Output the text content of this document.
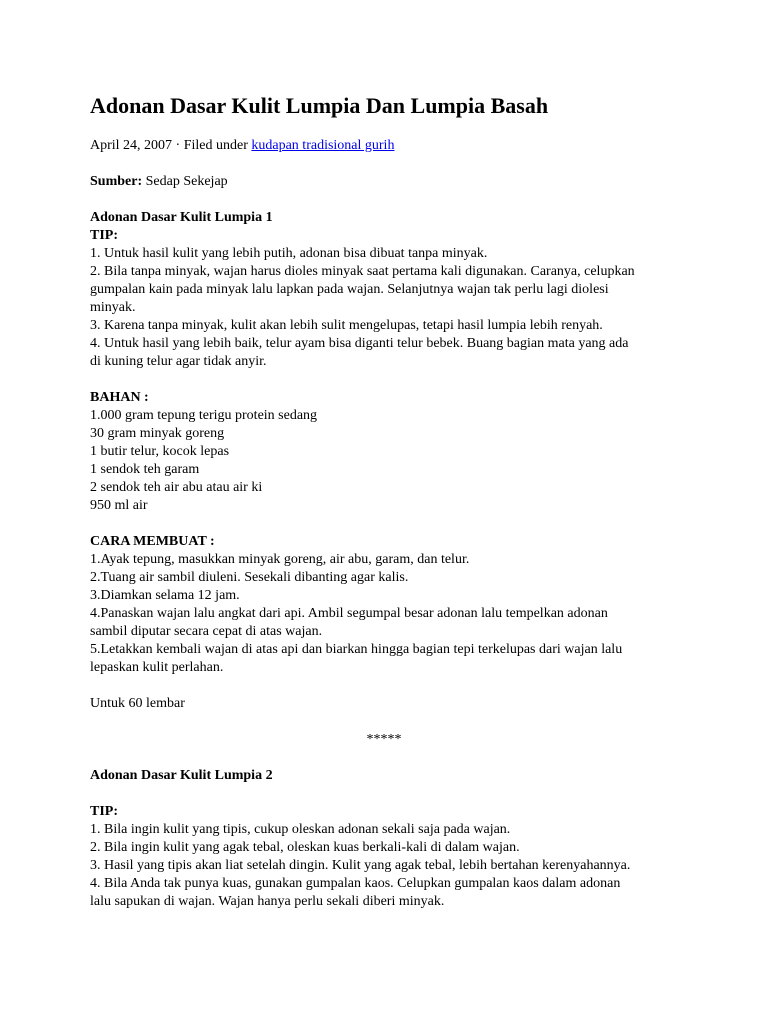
Adonan Dasar Kulit Lumpia Dan Lumpia Basah
April 24, 2007 · Filed under kudapan tradisional gurih
Sumber: Sedap Sekejap
Adonan Dasar Kulit Lumpia 1
TIP:
1. Untuk hasil kulit yang lebih putih, adonan bisa dibuat tanpa minyak.
2. Bila tanpa minyak, wajan harus dioles minyak saat pertama kali digunakan. Caranya, celupkan
gumpalan kain pada minyak lalu lapkan pada wajan. Selanjutnya wajan tak perlu lagi diolesi
minyak.
3. Karena tanpa minyak, kulit akan lebih sulit mengelupas, tetapi hasil lumpia lebih renyah.
4. Untuk hasil yang lebih baik, telur ayam bisa diganti telur bebek. Buang bagian mata yang ada
di kuning telur agar tidak anyir.
BAHAN :
1.000 gram tepung terigu protein sedang
30 gram minyak goreng
1 butir telur, kocok lepas
1 sendok teh garam
2 sendok teh air abu atau air ki
950 ml air
CARA MEMBUAT :
1.Ayak tepung, masukkan minyak goreng, air abu, garam, dan telur.
2.Tuang air sambil diuleni. Sesekali dibanting agar kalis.
3.Diamkan selama 12 jam.
4.Panaskan wajan lalu angkat dari api. Ambil segumpal besar adonan lalu tempelkan adonan
sambil diputar secara cepat di atas wajan.
5.Letakkan kembali wajan di atas api dan biarkan hingga bagian tepi terkelupas dari wajan lalu
lepaskan kulit perlahan.
Untuk 60 lembar
*****
Adonan Dasar Kulit Lumpia 2
TIP:
1. Bila ingin kulit yang tipis, cukup oleskan adonan sekali saja pada wajan.
2. Bila ingin kulit yang agak tebal, oleskan kuas berkali-kali di dalam wajan.
3. Hasil yang tipis akan liat setelah dingin. Kulit yang agak tebal, lebih bertahan kerenyahannya.
4. Bila Anda tak punya kuas, gunakan gumpalan kaos. Celupkan gumpalan kaos dalam adonan
lalu sapukan di wajan. Wajan hanya perlu sekali diberi minyak.
